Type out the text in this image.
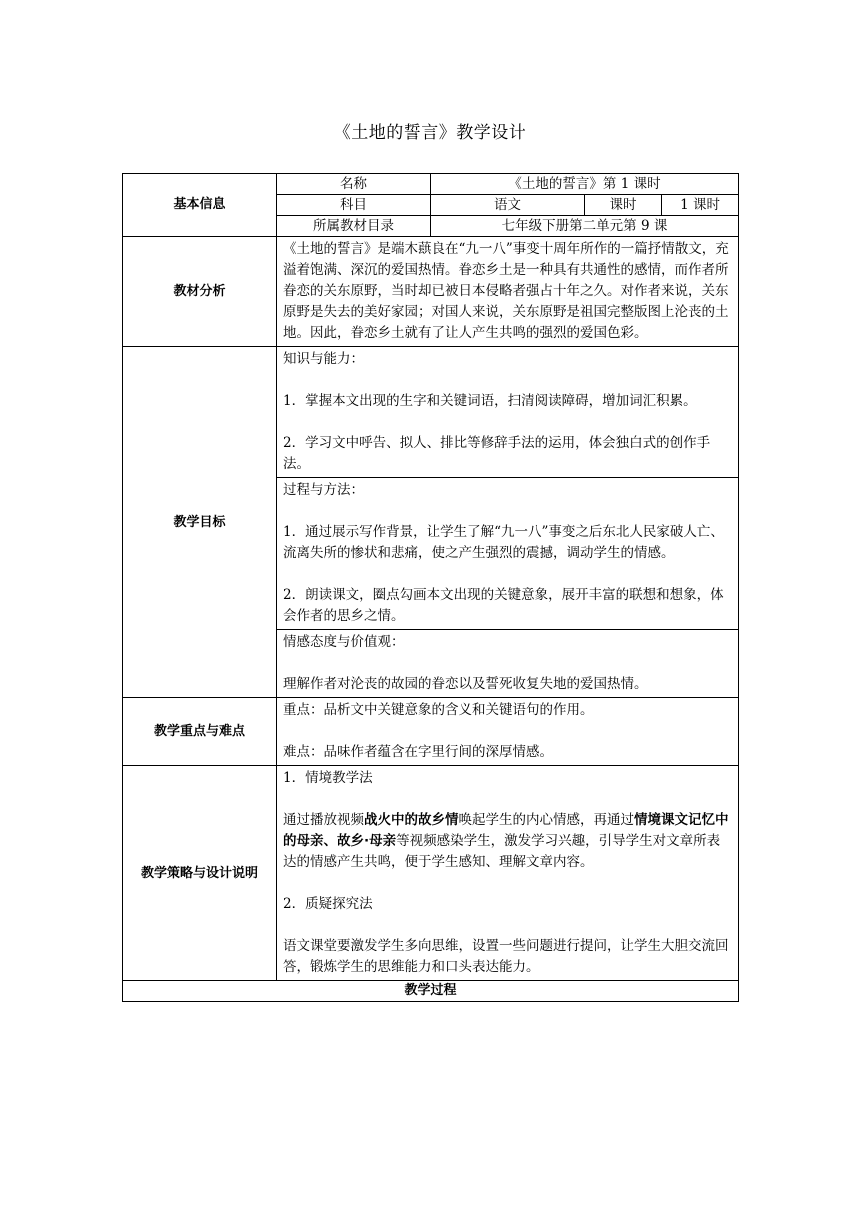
《土地的誓言》教学设计
基本信息	名称	《土地的誓言》第 1 课时		
	科目	语文	课时	1 课时
	所属教材目录	七年级下册第二单元第 9 课		
教材分析	《土地的誓言》是端木蕻良在“九一八”事变十周年所作的一篇抒情散文，充溢着饱满、深沉的爱国热情。眷恋乡土是一种具有共通性的感情，而作者所眷恋的关东原野，当时却已被日本侵略者强占十年之久。对作者来说，关东原野是失去的美好家园；对国人来说，关东原野是祖国完整版图上沦丧的土地。因此，眷恋乡土就有了让人产生共鸣的强烈的爱国色彩。			

教学目标	知识与能力：

1．掌握本文出现的生字和关键词语，扫清阅读障碍，增加词汇积累。

2．学习文中呼告、拟人、排比等修辞手法的运用，体会独白式的创作手法。			

	过程与方法：

1．通过展示写作背景，让学生了解“九一八”事变之后东北人民家破人亡、流离失所的惨状和悲痛，使之产生强烈的震撼，调动学生的情感。

2．朗读课文，圈点勾画本文出现的关键意象，展开丰富的联想和想象，体会作者的思乡之情。			

	情感态度与价值观：

理解作者对沦丧的故园的眷恋以及誓死收复失地的爱国热情。			

教学重点与难点	重点：品析文中关键意象的含义和关键语句的作用。

难点：品味作者蕴含在字里行间的深厚情感。			

教学策略与设计说明	1．情境教学法

通过播放视频战火中的故乡情唤起学生的内心情感，再通过情境课文记忆中的母亲、故乡·母亲等视频感染学生，激发学习兴趣，引导学生对文章所表达的情感产生共鸣，便于学生感知、理解文章内容。

2．质疑探究法

语文课堂要激发学生多向思维，设置一些问题进行提问，让学生大胆交流回答，锻炼学生的思维能力和口头表达能力。			

教学过程				
